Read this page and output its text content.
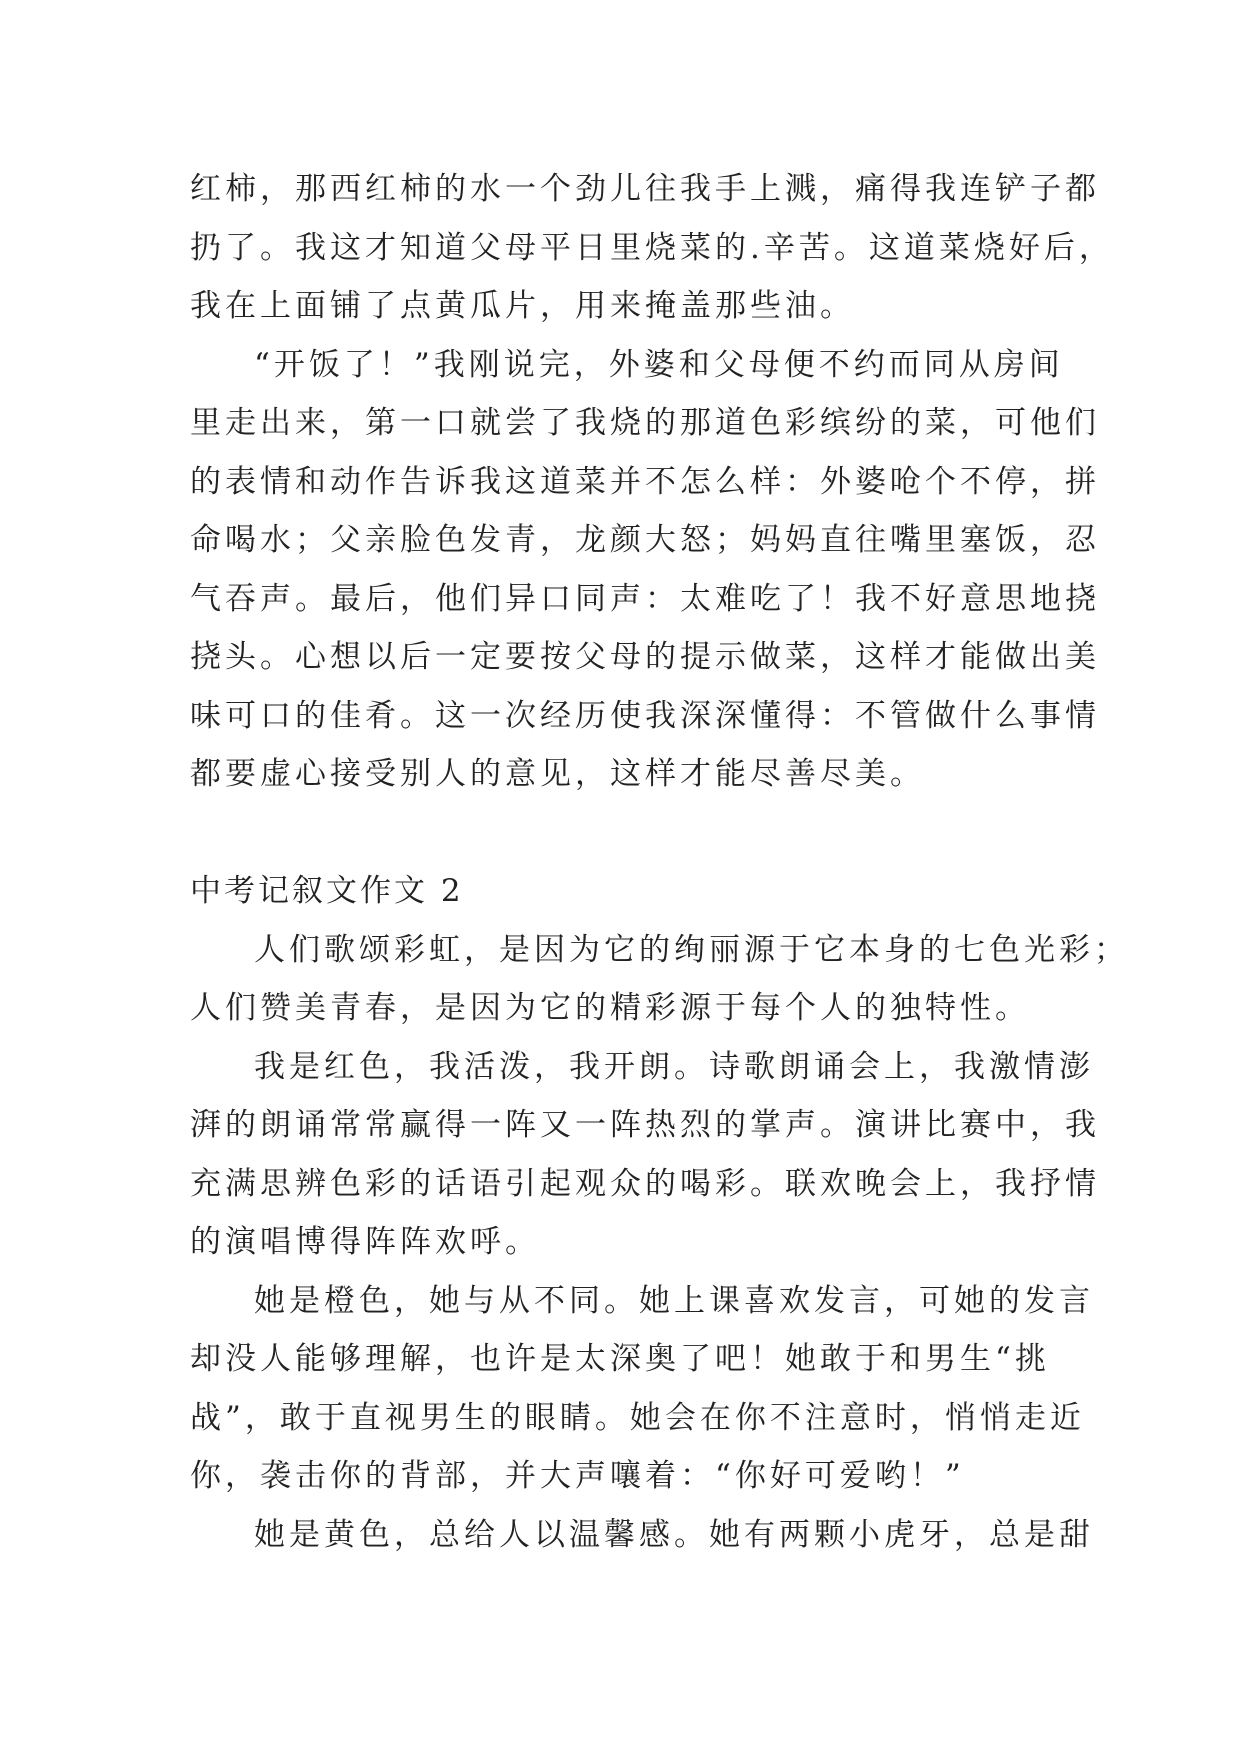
红柿，那西红柿的水一个劲儿往我手上溅，痛得我连铲子都
扔了。我这才知道父母平日里烧菜的.辛苦。这道菜烧好后，
我在上面铺了点黄瓜片，用来掩盖那些油。
“开饭了！”我刚说完，外婆和父母便不约而同从房间
里走出来，第一口就尝了我烧的那道色彩缤纷的菜，可他们
的表情和动作告诉我这道菜并不怎么样：外婆呛个不停，拼
命喝水；父亲脸色发青，龙颜大怒；妈妈直往嘴里塞饭，忍
气吞声。最后，他们异口同声：太难吃了！我不好意思地挠
挠头。心想以后一定要按父母的提示做菜，这样才能做出美
味可口的佳肴。这一次经历使我深深懂得：不管做什么事情
都要虚心接受别人的意见，这样才能尽善尽美。
中考记叙文作文 2
人们歌颂彩虹，是因为它的绚丽源于它本身的七色光彩；
人们赞美青春，是因为它的精彩源于每个人的独特性。
我是红色，我活泼，我开朗。诗歌朗诵会上，我激情澎
湃的朗诵常常赢得一阵又一阵热烈的掌声。演讲比赛中，我
充满思辨色彩的话语引起观众的喝彩。联欢晚会上，我抒情
的演唱博得阵阵欢呼。
她是橙色，她与从不同。她上课喜欢发言，可她的发言
却没人能够理解，也许是太深奥了吧！她敢于和男生“挑
战”，敢于直视男生的眼睛。她会在你不注意时，悄悄走近
你，袭击你的背部，并大声嚷着：“你好可爱哟！”
她是黄色，总给人以温馨感。她有两颗小虎牙，总是甜
